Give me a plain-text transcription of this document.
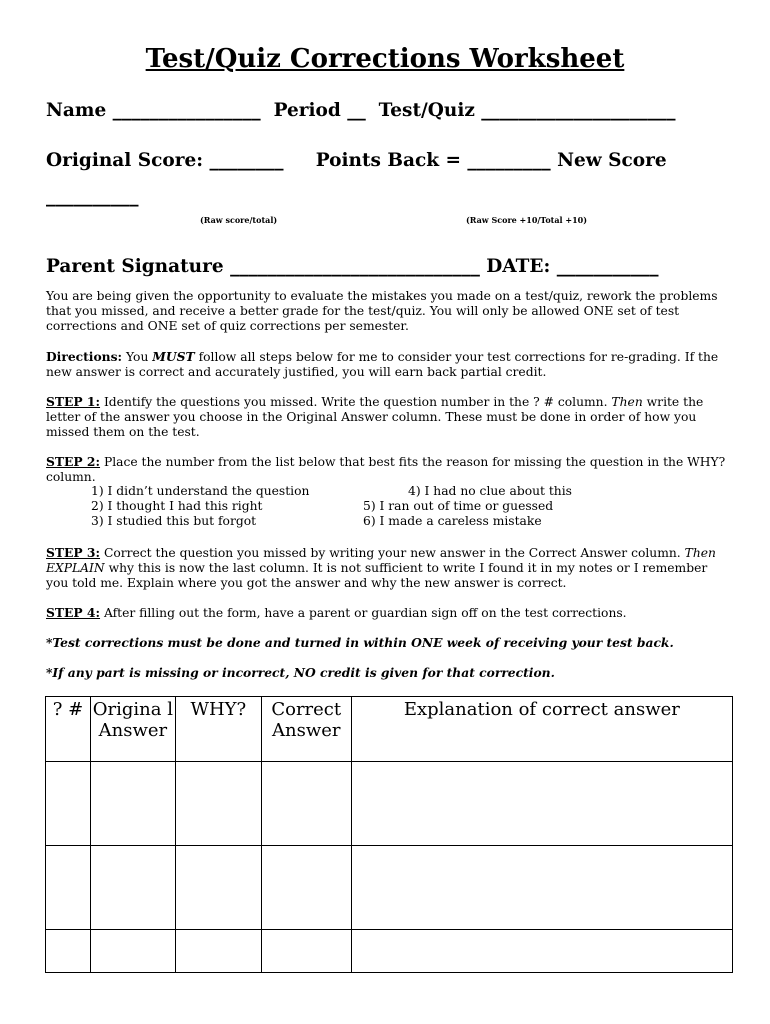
Test/Quiz Corrections Worksheet
Name ________________  Period __  Test/Quiz _____________________
Original Score: ________     Points Back = _________ New Score
__________
(Raw score/total)	(Raw Score +10/Total +10)
Parent Signature ___________________________ DATE: ___________

You are being given the opportunity to evaluate the mistakes you made on a test/quiz, rework the problems that you missed, and receive a better grade for the test/quiz. You will only be allowed ONE set of test corrections and ONE set of quiz corrections per semester.

Directions: You MUST follow all steps below for me to consider your test corrections for re-grading. If the new answer is correct and accurately justified, you will earn back partial credit.

STEP 1: Identify the questions you missed. Write the question number in the ? # column. Then write the letter of the answer you choose in the Original Answer column. These must be done in order of how you missed them on the test.

STEP 2: Place the number from the list below that best fits the reason for missing the question in the WHY? column.

1) I didn’t understand the question
2) I thought I had this right
3) I studied this but forgot
4) I had no clue about this
5) I ran out of time or guessed
6) I made a careless mistake

STEP 3: Correct the question you missed by writing your new answer in the Correct Answer column. Then EXPLAIN why this is now the last column. It is not sufficient to write I found it in my notes or I remember you told me. Explain where you got the answer and why the new answer is correct.

STEP 4: After filling out the form, have a parent or guardian sign off on the test corrections.

*Test corrections must be done and turned in within ONE week of receiving your test back.
*If any part is missing or incorrect, NO credit is given for that correction.
? #	Origina l Answer	WHY?	Correct Answer	Explanation of correct answer
